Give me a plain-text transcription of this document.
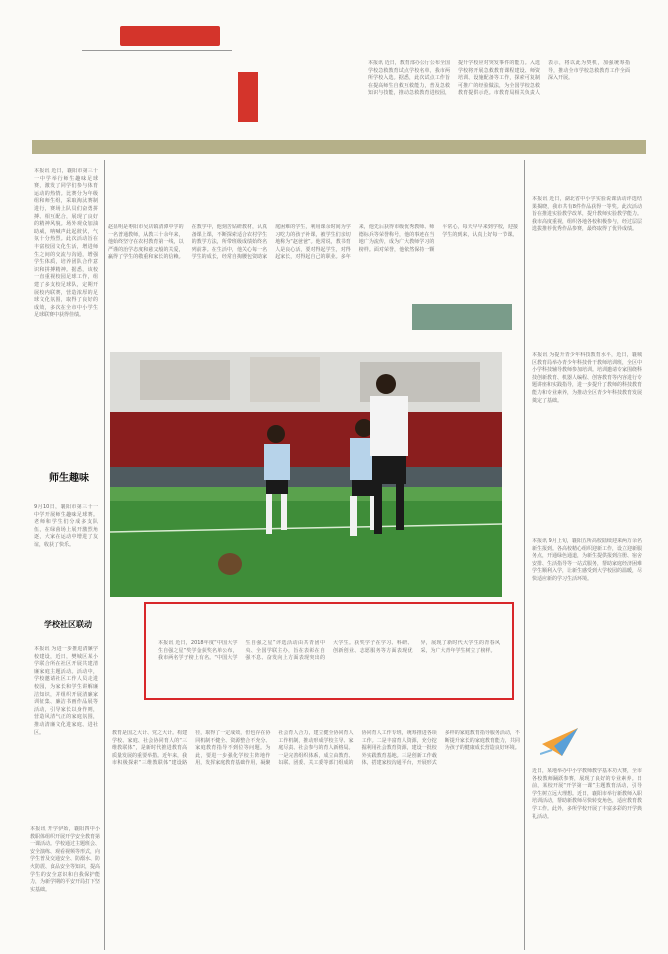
本报讯 近日，教育部办公厅公布全国学校急救教育试点学校名单，我市两所学校入选。据悉，此次试点工作旨在提高师生自救互救能力，普及急救知识与技能，推动急救教育进校园，提升学校应对突发事件的能力。入选学校将开展急救教育课程建设、师资培训、设施配备等工作，探索可复制可推广的经验做法，为全国学校急救教育提供示范。市教育局相关负责人表示，将以此为契机，加强统筹指导，推动全市学校急救教育工作全面深入开展。
赵显明是枣阳市吴店镇清潭中学的一名普通教师，从教三十余年来，他始终坚守在农村教育第一线，以严谨的治学态度和慈父般的关爱，赢得了学生的敬重和家长的信赖。在教学中，他刻苦钻研教材，认真备课上课，不断探索适合农村学生的教学方法，所带班级成绩始终名列前茅。在生活中，他关心每一名学生的成长，经常自掏腰包资助家庭困难的学生，利用课余时间为学习吃力的孩子补课，被学生们亲切地称为“赵爸爸”。他常说，教书育人是良心活，要对得起学生，对得起家长，对得起自己的职业。多年来，他先后获得市级优秀教师、师德标兵等荣誉称号，他的事迹在当地广为流传，成为广大教师学习的榜样。面对荣誉，他依然保持一颗平常心，每天早早来到学校，迎接学生的到来，认真上好每一节课。
本报讯 近日，襄阳市第三十一中学举行师生趣味足球赛，激发了同学们参与体育运动的热情。比赛分为年级组和师生组，采取淘汰赛制进行，赛场上队员们奋勇拼搏、相互配合，展现了良好的精神风貌。场外观众加油助威，呐喊声此起彼伏，气氛十分热烈。此次活动旨在丰富校园文化生活，增进师生之间的交流与沟通，增强学生体质，培养团队合作意识和拼搏精神。据悉，该校一直重视校园足球工作，组建了多支校足球队，定期开展校内联赛，营造浓厚的足球文化氛围，取得了良好的成效，多次在全市中小学生足球联赛中获得佳绩。
师生趣味

9月10日，襄阳市第三十一中学开展师生趣味足球赛。老师和学生们分成多支队伍，在绿茵场上展开激烈角逐，大家在运动中增进了友谊，收获了快乐。
学校社区联动

本报讯 为进一步推进清廉学校建设，近日，樊城区某小学联合所在社区开展共建清廉家庭主题活动。活动中，学校邀请社区工作人员走进校园，为家长和学生讲解廉洁知识，并组织开展清廉家训征集、廉洁书画作品展等活动，引导家长以身作则，营造风清气正的家庭氛围，推动清廉文化进家庭、进社区。

本报讯 开学伊始，襄阳四中小教职体组织开展开学安全教育第一课活动。学校通过主题班会、安全演练、观看视频等形式，向学生普及交通安全、防溺水、防火防震、食品安全等知识，提高学生的安全意识和自我保护能力，为新学期的平安开局打下坚实基础。
本报讯 近日，湖北省中小学实验说课活动评选结果揭晓，我市共有8件作品获得一等奖。此次活动旨在推进实验教学改革，提升教师实验教学能力。我市高度重视，组织各地各校积极参与，经过层层选拔推荐优秀作品参赛，最终取得了优异成绩。
本报讯 为提升青少年科技教育水平，近日，襄城区教育局举办青少年科技骨干教师培训班，全区中小学科技辅导教师参加培训。培训邀请专家围绕科技创新教育、机器人编程、创客教育等内容进行专题讲座和实践指导，进一步提升了教师的科技教育能力和专业素养，为推动全区青少年科技教育发展奠定了基础。
本报讯 9月上旬，襄阳五所高校陆续迎来两万余名新生报到。各高校精心组织迎新工作，设立迎新服务点，开通绿色通道，为新生提供报到注册、宿舍安排、生活指导等一站式服务，帮助家庭经济困难学生顺利入学，让新生感受到大学校园的温暖，尽快适应新的学习生活环境。
近日，某地举办中小学教师教学基本功大赛，全市各校教师踊跃参赛，展现了良好的专业素养。日前，某校开展“开学第一课”主题教育活动，引导学生树立远大理想。近日，襄阳市举行新教师入职培训活动，帮助新教师尽快转变角色，适应教育教学工作。此外，多所学校开展了丰富多彩的开学典礼活动。
本报讯 近日，2018年度“中国大学生自强之星”奖学金获奖名单公布，我市两名学子榜上有名。“中国大学生自强之星”评选活动由共青团中央、全国学联主办，旨在表彰在自强不息、奋发向上方面表现突出的大学生。获奖学子在学习、科研、创新创业、志愿服务等方面表现优异，展现了新时代大学生的青春风采，为广大青年学生树立了榜样。
教育是国之大计、党之大计。构建学校、家庭、社会协同育人的“三维教联体”，是新时代推进教育高质量发展的重要举措。近年来，我市积极探索“三维教联体”建设路径，取得了一定成效，但也存在协同机制不健全、资源整合不充分、家庭教育指导不到位等问题。为此，要进一步强化学校主阵地作用，发挥家庭教育基础作用，凝聚社会育人合力，建立健全协同育人工作机制，推动形成学校主导、家庭尽责、社会参与的育人新格局。一是完善组织体系，成立由教育、妇联、团委、关工委等部门组成的协同育人工作专班，统筹推进各项工作。二是丰富育人资源，充分挖掘利用社会教育资源，建设一批校外实践教育基地。三是创新工作载体，搭建家校沟通平台，开展形式多样的家庭教育指导服务活动，不断提升家长的家庭教育能力，共同为孩子的健康成长营造良好环境。
